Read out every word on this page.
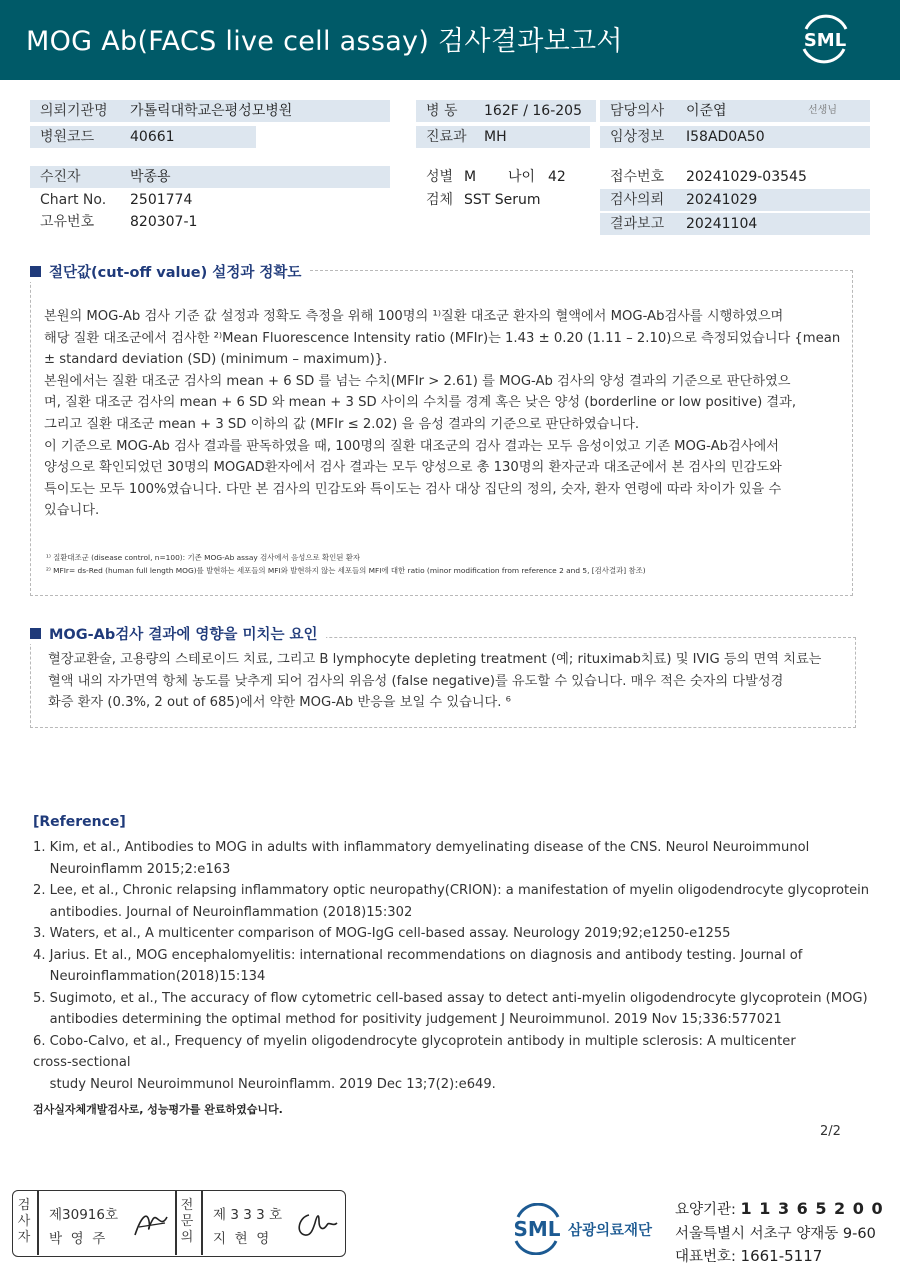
MOG Ab(FACS live cell assay) 검사결과보고서	SML
의뢰기관명 가톨릭대학교은평성모병원
병원코드	40661
병 동 162F / 16-205
진료과 MH
담당의사 이준엽	선생님
임상정보 I58AD0A50
수진자	박종용
Chart No. 2501774
고유번호	820307-1
성별 M 나이 42
검체 SST Serum
접수번호 20241029-03545
검사의뢰 20241029
결과보고 20241104
절단값(cut-off value) 설정과 정확도
본원의 MOG-Ab 검사 기준 값 설정과 정확도 측정을 위해 100명의 ¹⁾질환 대조군 환자의 혈액에서 MOG-Ab검사를 시행하였으며
해당 질환 대조군에서 검사한 ²⁾Mean Fluorescence Intensity ratio (MFIr)는 1.43 ± 0.20 (1.11 – 2.10)으로 측정되었습니다 {mean
± standard deviation (SD) (minimum – maximum)}.
본원에서는 질환 대조군 검사의 mean + 6 SD 를 넘는 수치(MFIr > 2.61) 를 MOG-Ab 검사의 양성 결과의 기준으로 판단하였으
며, 질환 대조군 검사의 mean + 6 SD 와 mean + 3 SD 사이의 수치를 경계 혹은 낮은 양성 (borderline or low positive) 결과,
그리고 질환 대조군 mean + 3 SD 이하의 값 (MFIr ≤ 2.02) 을 음성 결과의 기준으로 판단하였습니다.
이 기준으로 MOG-Ab 검사 결과를 판독하였을 때, 100명의 질환 대조군의 검사 결과는 모두 음성이었고 기존 MOG-Ab검사에서
양성으로 확인되었던 30명의 MOGAD환자에서 검사 결과는 모두 양성으로 총 130명의 환자군과 대조군에서 본 검사의 민감도와
특이도는 모두 100%였습니다. 다만 본 검사의 민감도와 특이도는 검사 대상 집단의 정의, 숫자, 환자 연령에 따라 차이가 있을 수
있습니다.
¹⁾ 질환대조군 (disease control, n=100): 기존 MOG-Ab assay 검사에서 음성으로 확인된 환자
²⁾ MFIr= ds-Red (human full length MOG)를 발현하는 세포들의 MFI와 발현하지 않는 세포들의 MFI에 대한 ratio (minor modification from reference 2 and 5, [검사결과] 참조)
MOG-Ab검사 결과에 영향을 미치는 요인
혈장교환술, 고용량의 스테로이드 치료, 그리고 B lymphocyte depleting treatment (예; rituximab치료) 및 IVIG 등의 면역 치료는
혈액 내의 자가면역 항체 농도를 낮추게 되어 검사의 위음성 (false negative)를 유도할 수 있습니다. 매우 적은 숫자의 다발성경
화증 환자 (0.3%, 2 out of 685)에서 약한 MOG-Ab 반응을 보일 수 있습니다. ⁶
[Reference]
1. Kim, et al., Antibodies to MOG in adults with inflammatory demyelinating disease of the CNS. Neurol Neuroimmunol
Neuroinflamm 2015;2:e163
2. Lee, et al., Chronic relapsing inflammatory optic neuropathy(CRION): a manifestation of myelin oligodendrocyte glycoprotein
antibodies. Journal of Neuroinflammation (2018)15:302
3. Waters, et al., A multicenter comparison of MOG-IgG cell-based assay. Neurology 2019;92;e1250-e1255
4. Jarius. Et al., MOG encephalomyelitis: international recommendations on diagnosis and antibody testing. Journal of
Neuroinflammation(2018)15:134
5. Sugimoto, et al., The accuracy of flow cytometric cell-based assay to detect anti-myelin oligodendrocyte glycoprotein (MOG)
antibodies determining the optimal method for positivity judgement J Neuroimmunol. 2019 Nov 15;336:577021
6. Cobo-Calvo, et al., Frequency of myelin oligodendrocyte glycoprotein antibody in multiple sclerosis: A multicenter
cross-sectional
study Neurol Neuroimmunol Neuroinflamm. 2019 Dec 13;7(2):e649.
검사실자체개발검사로, 성능평가를 완료하였습니다.
2/2
검
사
자
제30916호
박  영  주
전
문
의
제 3 3 3 호
지  현  영	SML 삼광의료재단
요양기관: 1 1 3 6 5 2 0 0
서울특별시 서초구 양재동 9-60
대표번호: 1661-5117
